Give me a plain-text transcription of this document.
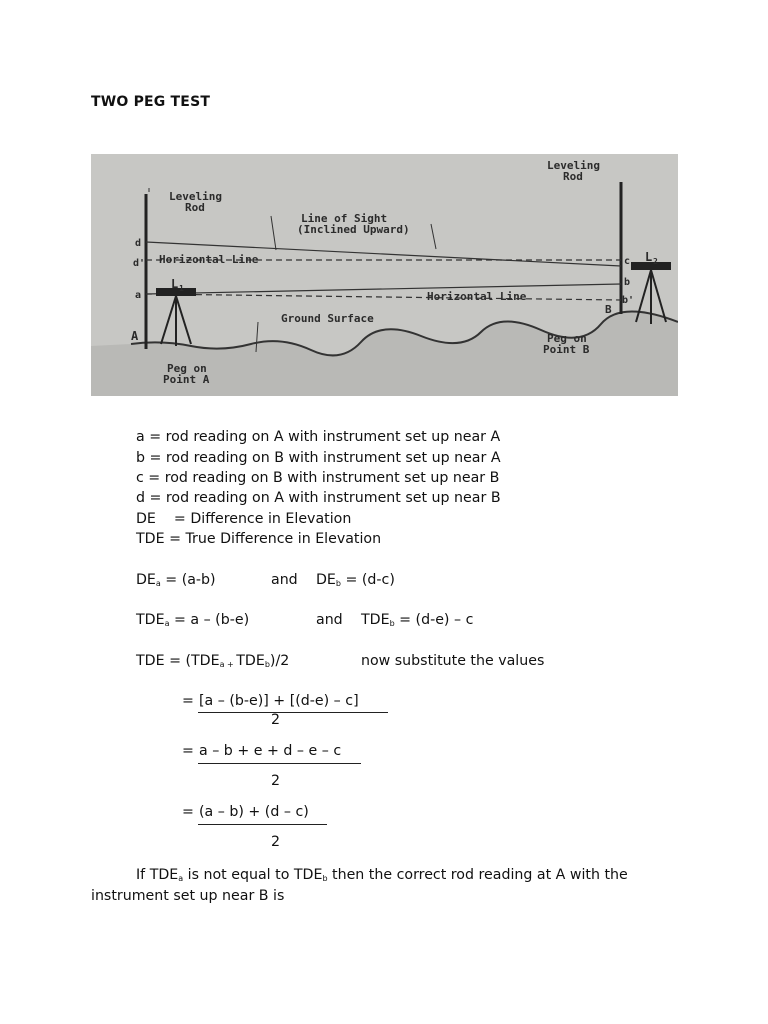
TWO PEG TEST
Leveling
Rod
Leveling
Rod
Line of Sight
(Inclined Upward)
Horizontal Line
Horizontal Line
Ground Surface
Peg on
Point A
Peg on
Point B
A
B
d
d'
a
c
b
b'
L 1
L 2
a = rod reading on A with instrument set up near A
b = rod reading on B with instrument set up near A
c = rod reading on B with instrument set up near B
d = rod reading on A with instrument set up near B
DE    = Difference in Elevation
TDE = True Difference in Elevation
$DE_a = (a-b)$	and $DE_b = (d-c)$
$TDE_a = a - (b-e)$	and $TDE_b = (d-e) - c$
TDE = ($TDE_{a +}$ $TDE_b)/2$	now substitute the values
= [a – (b-e)] + [(d-e) – c]
2
= a – b + e + d – e – c
2
= (a – b) + (d – c)
2
If $TDE_a$ is not equal to $TDE_b$ then the correct rod reading at A with the
instrument set up near B is
